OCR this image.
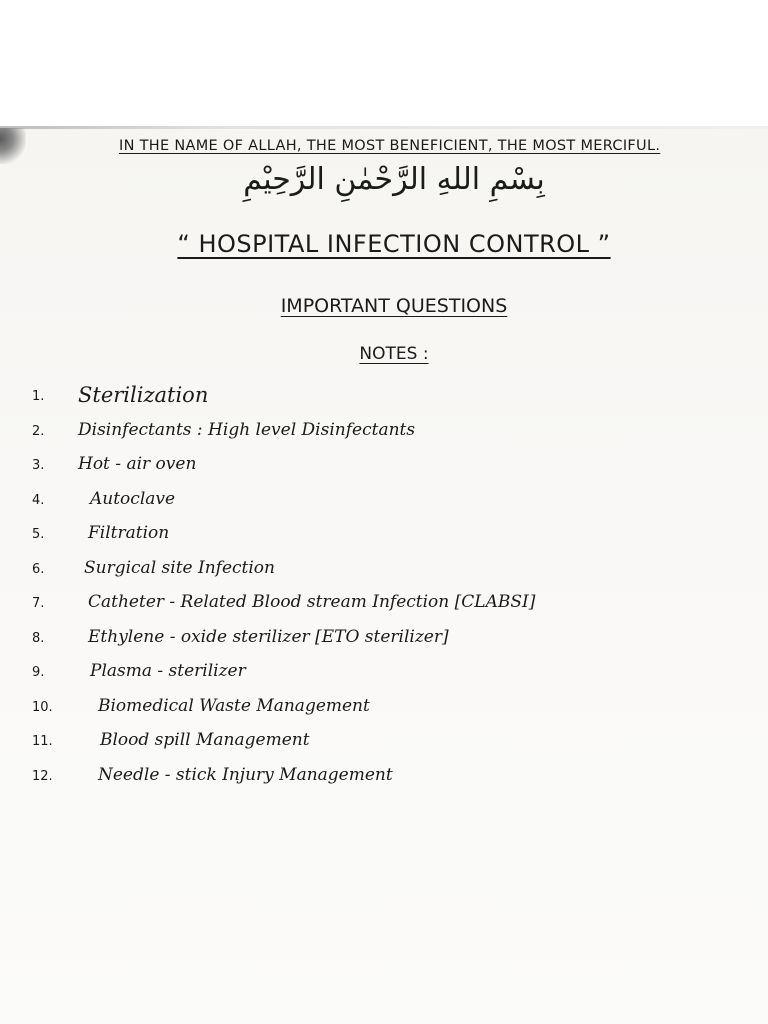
IN THE NAME OF ALLAH, THE MOST BENEFICIENT, THE MOST MERCIFUL.
بِسْمِ اللهِ الرَّحْمٰنِ الرَّحِيْمِ
“ HOSPITAL INFECTION CONTROL ”
IMPORTANT QUESTIONS
NOTES :
1. Sterilization
2. Disinfectants : High level Disinfectants
3. Hot - air oven
4.	Autoclave
5.	Filtration
6. Surgical site Infection
7.	Catheter - Related Blood stream Infection [CLABSI]
8.	Ethylene - oxide sterilizer [ETO sterilizer]
9.	Plasma - sterilizer
10.	Biomedical Waste Management
11.	Blood spill Management
12.	Needle - stick Injury Management
